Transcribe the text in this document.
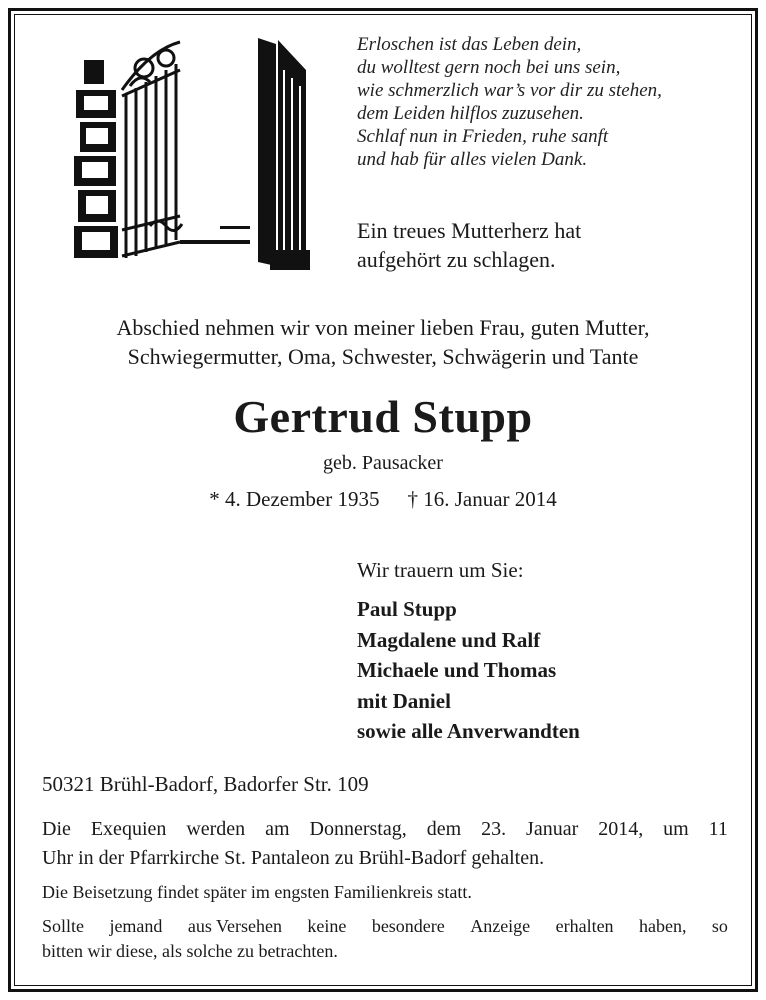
Erloschen ist das Leben dein,
du wolltest gern noch bei uns sein,
wie schmerzlich war’s vor dir zu stehen,
dem Leiden hilflos zuzusehen.
Schlaf nun in Frieden, ruhe sanft
und hab für alles vielen Dank.
Ein treues Mutterherz hat
aufgehört zu schlagen.
Abschied nehmen wir von meiner lieben Frau, guten Mutter,
Schwiegermutter, Oma, Schwester, Schwägerin und Tante
Gertrud Stupp
geb. Pausacker
* 4. Dezember 1935 † 16. Januar 2014
Wir trauern um Sie:
Paul Stupp
Magdalene und Ralf
Michaele und Thomas
mit Daniel
sowie alle Anverwandten
50321 Brühl-Badorf, Badorfer Str. 109
Die Exequien werden am Donnerstag, dem 23. Januar 2014, um 11
Uhr in der Pfarrkirche St. Pantaleon zu Brühl-Badorf gehalten.
Die Beisetzung findet später im engsten Familienkreis statt.
Sollte jemand aus Versehen keine besondere Anzeige erhalten haben, so
bitten wir diese, als solche zu betrachten.
